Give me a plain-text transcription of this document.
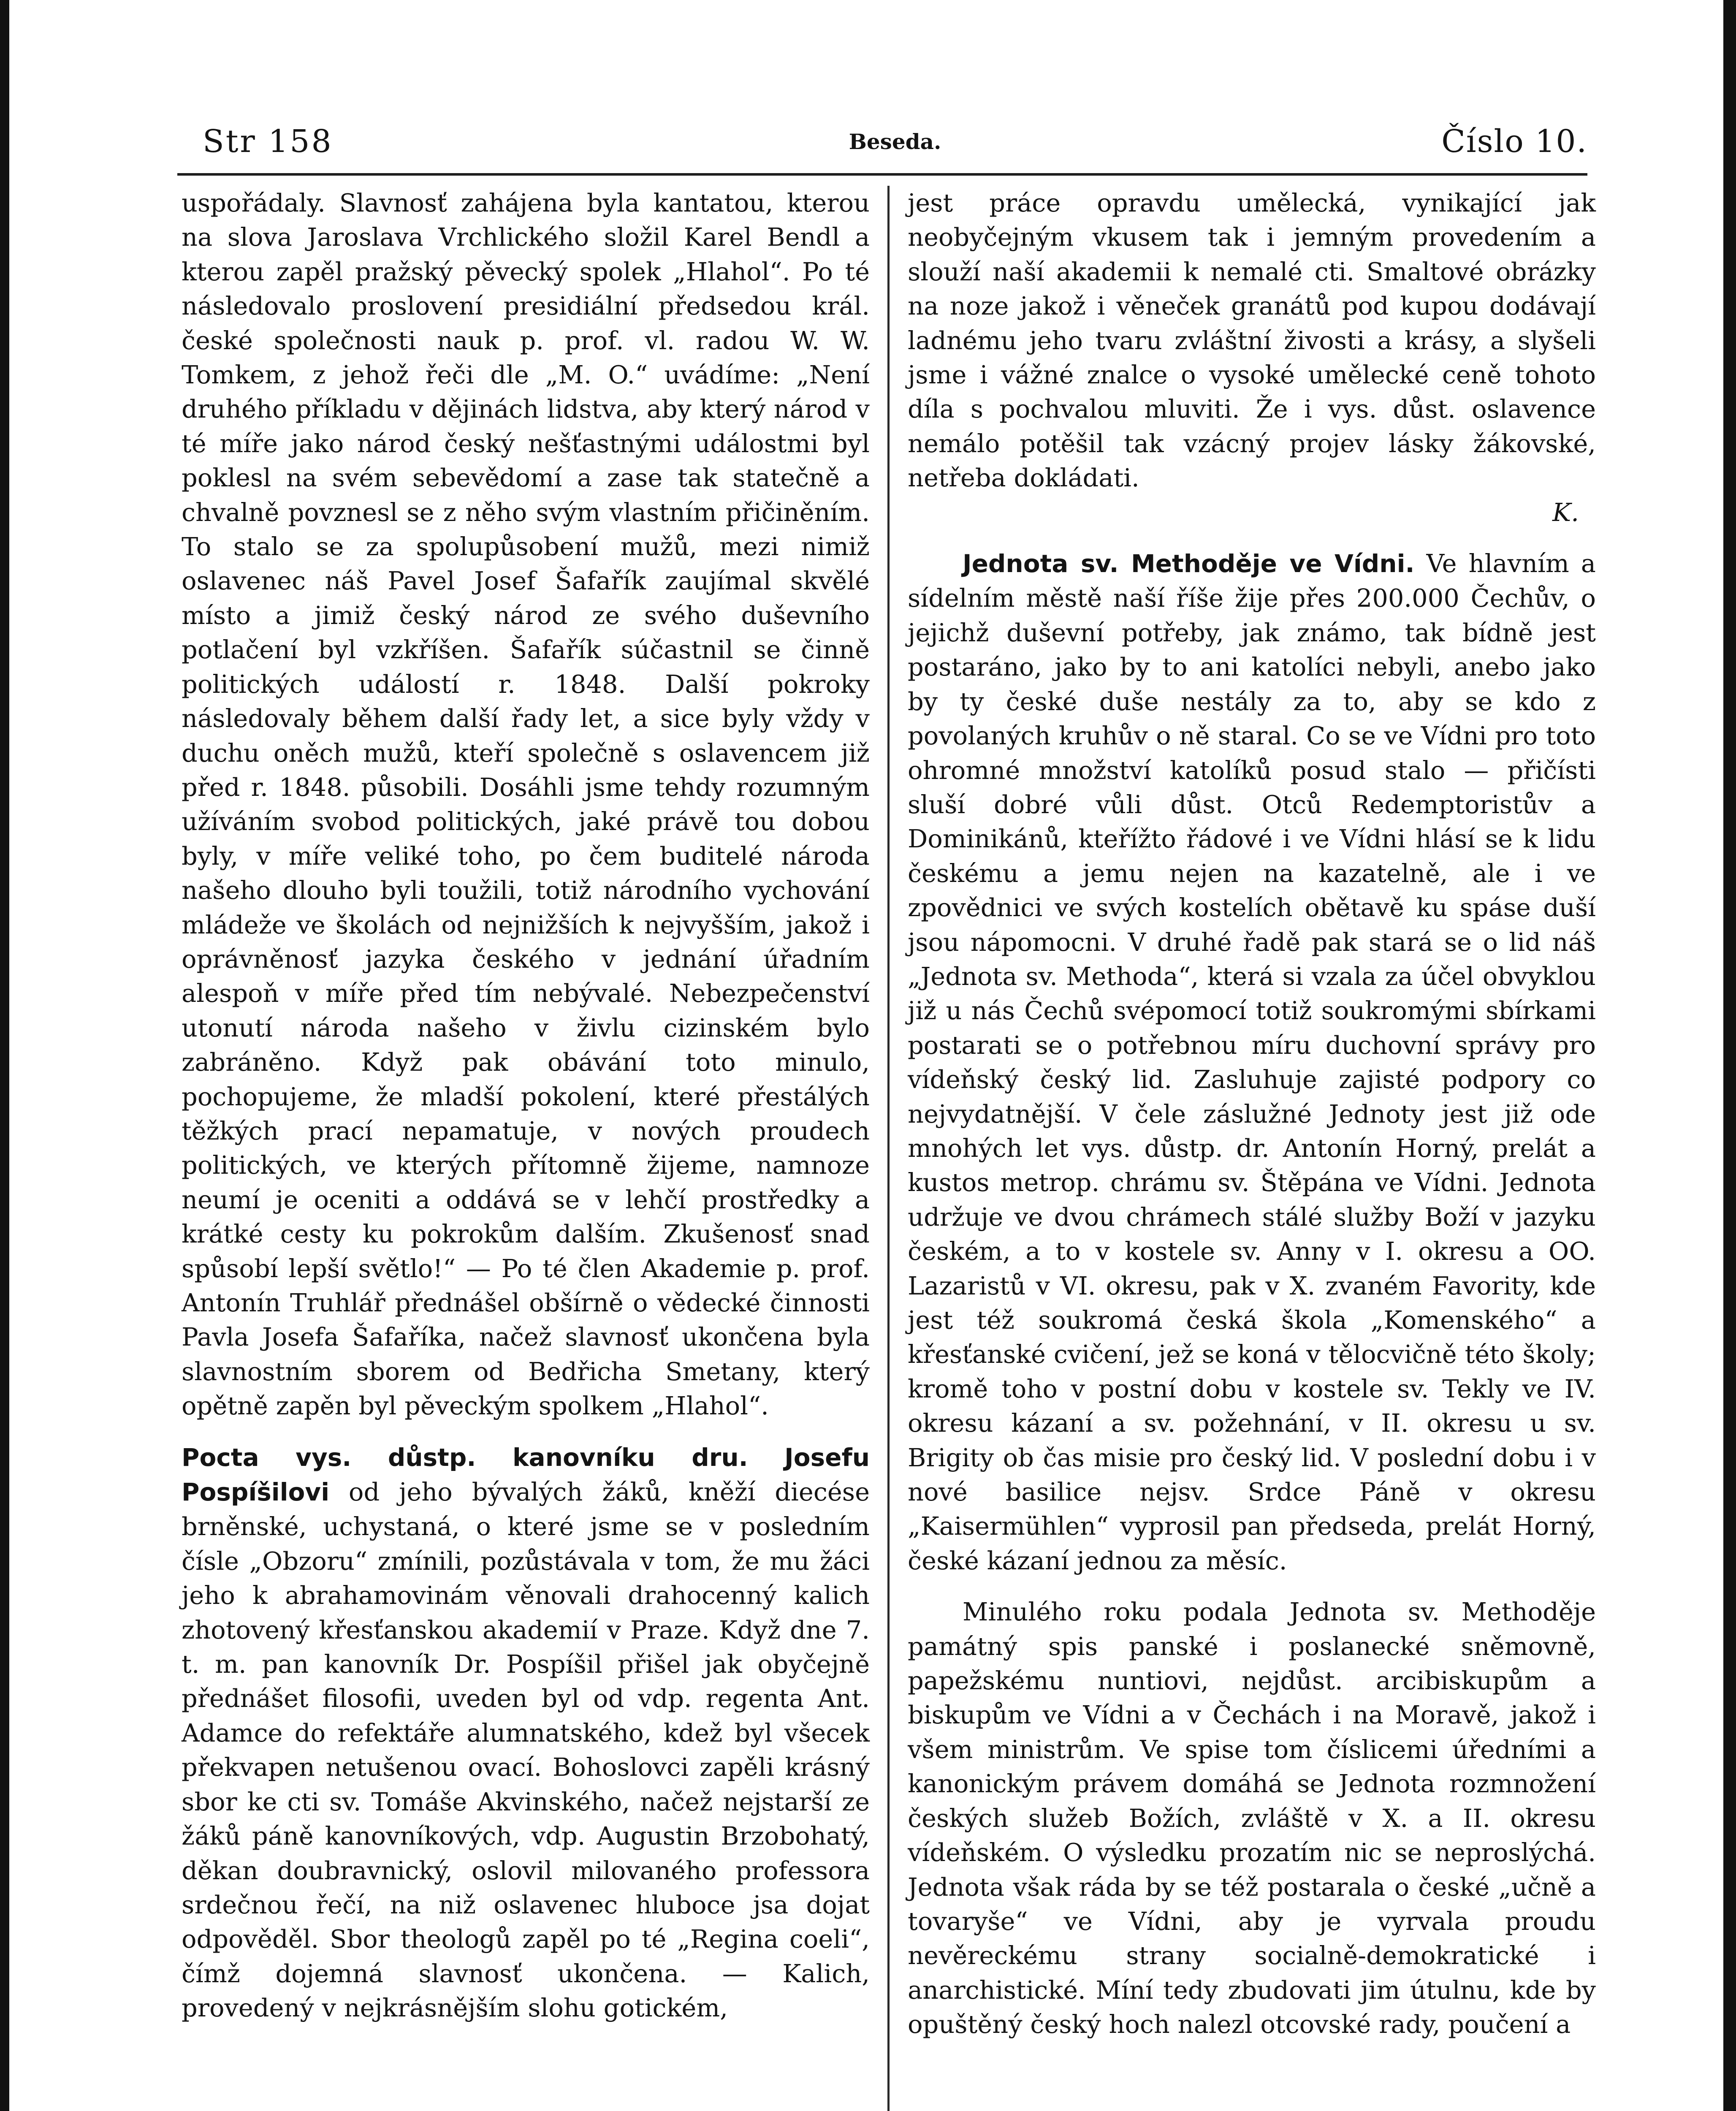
Str 158	Beseda.	Číslo 10.

uspořádaly. Slavnosť zahájena byla kantatou, kterou na slova Jaroslava Vrchlického složil Karel Bendl a kterou zapěl pražský pěvecký spolek „Hlahol“. Po té následovalo proslovení presidiální předsedou král. české společnosti nauk p. prof. vl. radou W. W. Tomkem, z jehož řeči dle „M. O.“ uvádíme: „Není druhého příkladu v dějinách lidstva, aby který národ v té míře jako národ český nešťastnými událostmi byl poklesl na svém sebevědomí a zase tak statečně a chvalně povznesl se z něho svým vlastním přičiněním. To stalo se za spolupůsobení mužů, mezi nimiž oslavenec náš Pavel Josef Šafařík zaujímal skvělé místo a jimiž český národ ze svého duševního potlačení byl vzkříšen. Šafařík súčastnil se činně politických událostí r. 1848. Další pokroky následovaly během další řady let, a sice byly vždy v duchu oněch mužů, kteří společně s oslavencem již před r. 1848. působili. Dosáhli jsme tehdy rozumným užíváním svobod politických, jaké právě tou dobou byly, v míře veliké toho, po čem buditelé národa našeho dlouho byli toužili, totiž národního vychování mládeže ve školách od nejnižších k nejvyšším, jakož i oprávněnosť jazyka českého v jednání úřadním alespoň v míře před tím nebývalé. Nebezpečenství utonutí národa našeho v živlu cizinském bylo zabráněno. Když pak obávání toto minulo, pochopujeme, že mladší pokolení, které přestálých těžkých prací nepamatuje, v nových proudech politických, ve kterých přítomně žijeme, namnoze neumí je oceniti a oddává se v lehčí prostředky a krátké cesty ku pokrokům dalším. Zkušenosť snad spůsobí lepší světlo!“ — Po té člen Akademie p. prof. Antonín Truhlář přednášel obšírně o vědecké činnosti Pavla Josefa Šafaříka, načež slavnosť ukončena byla slavnostním sborem od Bedřicha Smetany, který opětně zapěn byl pěveckým spolkem „Hlahol“.

Pocta vys. důstp. kanovníku dru. Josefu Pospíšilovi od jeho bývalých žáků, kněží diecése brněnské, uchystaná, o které jsme se v posledním čísle „Obzoru“ zmínili, pozůstávala v tom, že mu žáci jeho k abrahamovinám věnovali drahocenný kalich zhotovený křesťanskou akademií v Praze. Když dne 7. t. m. pan kanovník Dr. Pospíšil přišel jak obyčejně přednášet filosofii, uveden byl od vdp. regenta Ant. Adamce do refektáře alumnatského, kdež byl všecek překvapen netušenou ovací. Bohoslovci zapěli krásný sbor ke cti sv. Tomáše Akvinského, načež nejstarší ze žáků páně kanovníkových, vdp. Augustin Brzobohatý, děkan doubravnický, oslovil milovaného professora srdečnou řečí, na niž oslavenec hluboce jsa dojat odpověděl. Sbor theologů zapěl po té „Regina coeli“, čímž dojemná slavnosť ukončena. — Kalich, provedený v nejkrásnějším slohu gotickém,

jest práce opravdu umělecká, vynikající jak neobyčejným vkusem tak i jemným provedením a slouží naší akademii k nemalé cti. Smaltové obrázky na noze jakož i věneček granátů pod kupou dodávají ladnému jeho tvaru zvláštní živosti a krásy, a slyšeli jsme i vážné znalce o vysoké umělecké ceně tohoto díla s pochvalou mluviti. Že i vys. důst. oslavence nemálo potěšil tak vzácný projev lásky žákovské, netřeba dokládati.

K.

Jednota sv. Methoděje ve Vídni. Ve hlavním a sídelním městě naší říše žije přes 200.000 Čechův, o jejichž duševní potřeby, jak známo, tak bídně jest postaráno, jako by to ani katolíci nebyli, anebo jako by ty české duše nestály za to, aby se kdo z povolaných kruhův o ně staral. Co se ve Vídni pro toto ohromné množství katolíků posud stalo — přičísti sluší dobré vůli důst. Otců Redemptoristův a Dominikánů, kteřížto řádové i ve Vídni hlásí se k lidu českému a jemu nejen na kazatelně, ale i ve zpovědnici ve svých kostelích obětavě ku spáse duší jsou nápomocni. V druhé řadě pak stará se o lid náš „Jednota sv. Methoda“, která si vzala za účel obvyklou již u nás Čechů svépomocí totiž soukromými sbírkami postarati se o potřebnou míru duchovní správy pro vídeňský český lid. Zasluhuje zajisté podpory co nejvydatnější. V čele záslužné Jednoty jest již ode mnohých let vys. důstp. dr. Antonín Horný, prelát a kustos metrop. chrámu sv. Štěpána ve Vídni. Jednota udržuje ve dvou chrámech stálé služby Boží v jazyku českém, a to v kostele sv. Anny v I. okresu a OO. Lazaristů v VI. okresu, pak v X. zvaném Favority, kde jest též soukromá česká škola „Komenského“ a křesťanské cvičení, jež se koná v tělocvičně této školy; kromě toho v postní dobu v kostele sv. Tekly ve IV. okresu kázaní a sv. požehnání, v II. okresu u sv. Brigity ob čas misie pro český lid. V poslední dobu i v nové basilice nejsv. Srdce Páně v okresu „Kaisermühlen“ vyprosil pan předseda, prelát Horný, české kázaní jednou za měsíc.

Minulého roku podala Jednota sv. Methoděje památný spis panské i poslanecké sněmovně, papežskému nuntiovi, nejdůst. arcibiskupům a biskupům ve Vídni a v Čechách i na Moravě, jakož i všem ministrům. Ve spise tom číslicemi úředními a kanonickým právem domáhá se Jednota rozmnožení českých služeb Božích, zvláště v X. a II. okresu vídeňském. O výsledku prozatím nic se neproslýchá. Jednota však ráda by se též postarala o české „učně a tovaryše“ ve Vídni, aby je vyrvala proudu nevěreckému strany socialně-demokratické i anarchistické. Míní tedy zbudovati jim útulnu, kde by opuštěný český hoch nalezl otcovské rady, poučení a
